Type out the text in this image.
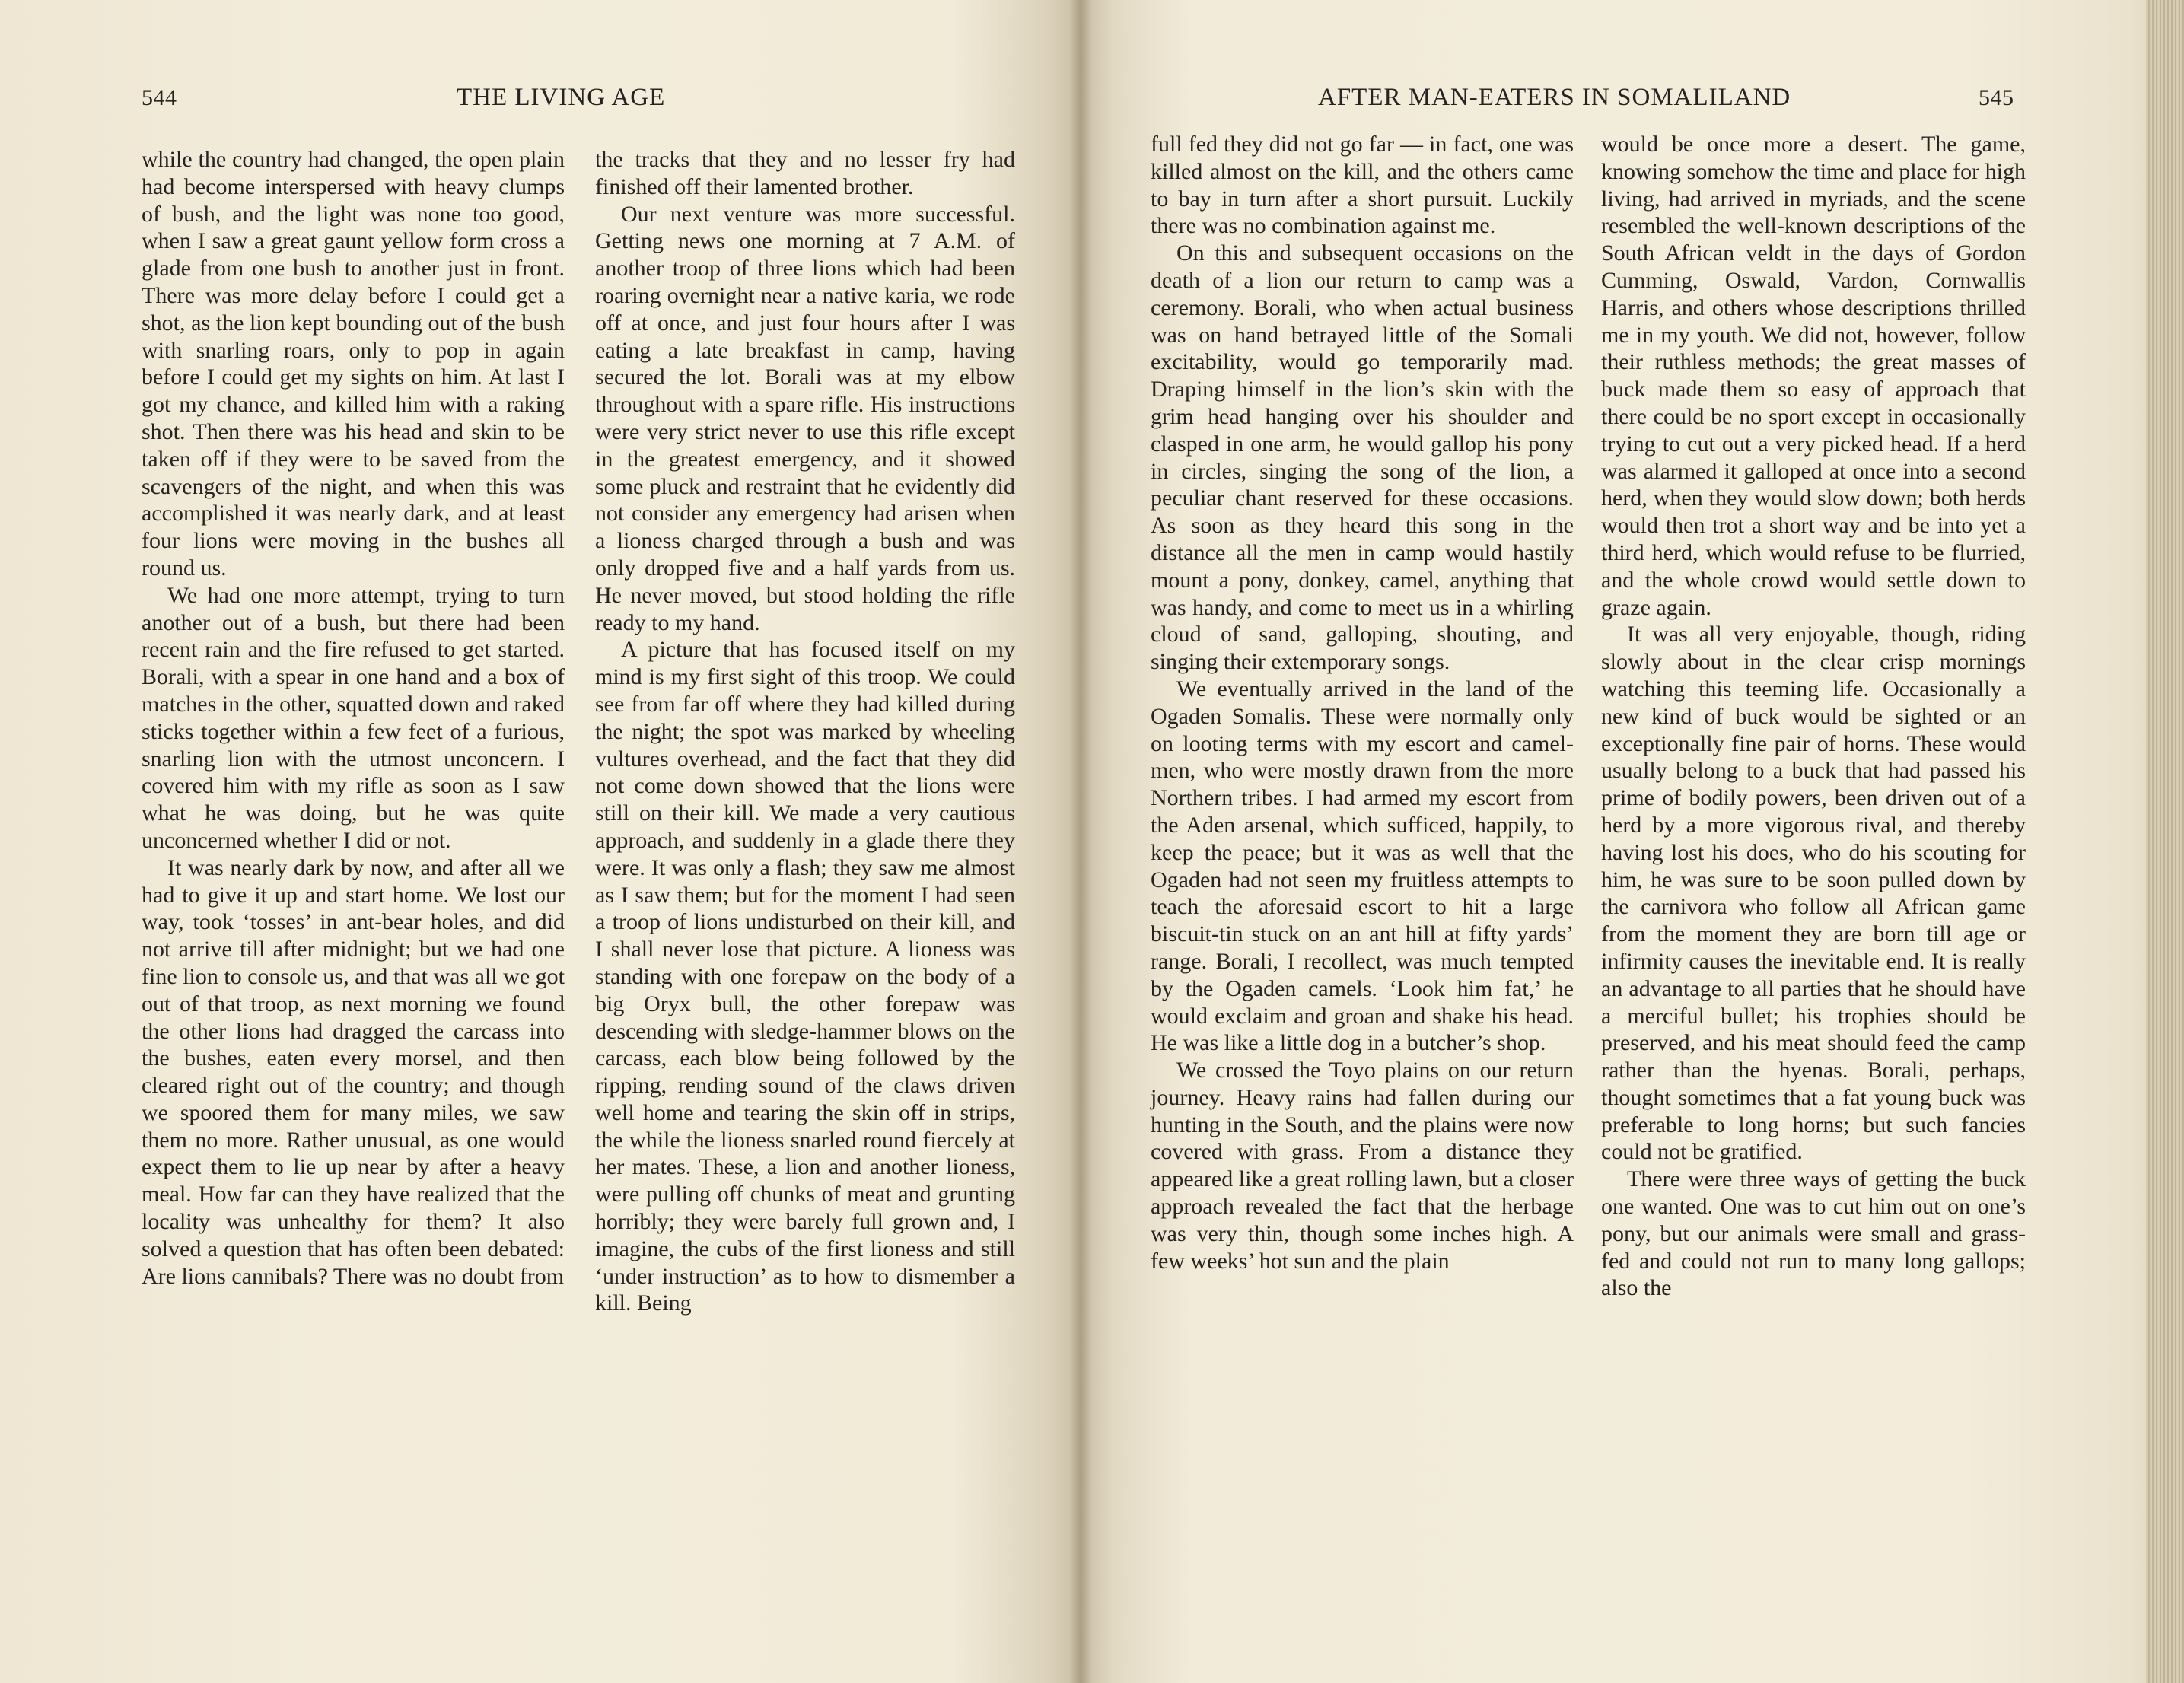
544	THE LIVING AGE

while the country had changed, the open plain had become interspersed with heavy clumps of bush, and the light was none too good, when I saw a great gaunt yellow form cross a glade from one bush to another just in front. There was more delay before I could get a shot, as the lion kept bounding out of the bush with snarling roars, only to pop in again before I could get my sights on him. At last I got my chance, and killed him with a raking shot. Then there was his head and skin to be taken off if they were to be saved from the scavengers of the night, and when this was accomplished it was nearly dark, and at least four lions were moving in the bushes all round us.

We had one more attempt, trying to turn another out of a bush, but there had been recent rain and the fire refused to get started. Borali, with a spear in one hand and a box of matches in the other, squatted down and raked sticks together within a few feet of a furious, snarling lion with the utmost unconcern. I covered him with my rifle as soon as I saw what he was doing, but he was quite unconcerned whether I did or not.

It was nearly dark by now, and after all we had to give it up and start home. We lost our way, took ‘tosses’ in ant-bear holes, and did not arrive till after midnight; but we had one fine lion to console us, and that was all we got out of that troop, as next morning we found the other lions had dragged the carcass into the bushes, eaten every morsel, and then cleared right out of the country; and though we spoored them for many miles, we saw them no more. Rather unusual, as one would expect them to lie up near by after a heavy meal. How far can they have realized that the locality was unhealthy for them? It also solved a question that has often been debated: Are lions cannibals? There was no doubt from

the tracks that they and no lesser fry had finished off their lamented brother.

Our next venture was more successful. Getting news one morning at 7 A.M. of another troop of three lions which had been roaring overnight near a native karia, we rode off at once, and just four hours after I was eating a late breakfast in camp, having secured the lot. Borali was at my elbow throughout with a spare rifle. His instructions were very strict never to use this rifle except in the greatest emergency, and it showed some pluck and restraint that he evidently did not consider any emergency had arisen when a lioness charged through a bush and was only dropped five and a half yards from us. He never moved, but stood holding the rifle ready to my hand.

A picture that has focused itself on my mind is my first sight of this troop. We could see from far off where they had killed during the night; the spot was marked by wheeling vultures overhead, and the fact that they did not come down showed that the lions were still on their kill. We made a very cautious approach, and suddenly in a glade there they were. It was only a flash; they saw me almost as I saw them; but for the moment I had seen a troop of lions undisturbed on their kill, and I shall never lose that picture. A lioness was standing with one forepaw on the body of a big Oryx bull, the other forepaw was descending with sledge-hammer blows on the carcass, each blow being followed by the ripping, rending sound of the claws driven well home and tearing the skin off in strips, the while the lioness snarled round fiercely at her mates. These, a lion and another lioness, were pulling off chunks of meat and grunting horribly; they were barely full grown and, I imagine, the cubs of the first lioness and still ‘under instruction’ as to how to dismember a kill. Being

AFTER MAN-EATERS IN SOMALILAND	545

full fed they did not go far — in fact, one was killed almost on the kill, and the others came to bay in turn after a short pursuit. Luckily there was no combination against me.

On this and subsequent occasions on the death of a lion our return to camp was a ceremony. Borali, who when actual business was on hand betrayed little of the Somali excitability, would go temporarily mad. Draping himself in the lion’s skin with the grim head hanging over his shoulder and clasped in one arm, he would gallop his pony in circles, singing the song of the lion, a peculiar chant reserved for these occasions. As soon as they heard this song in the distance all the men in camp would hastily mount a pony, donkey, camel, anything that was handy, and come to meet us in a whirling cloud of sand, galloping, shouting, and singing their extemporary songs.

We eventually arrived in the land of the Ogaden Somalis. These were normally only on looting terms with my escort and camel-men, who were mostly drawn from the more Northern tribes. I had armed my escort from the Aden arsenal, which sufficed, happily, to keep the peace; but it was as well that the Ogaden had not seen my fruitless attempts to teach the aforesaid escort to hit a large biscuit-tin stuck on an ant hill at fifty yards’ range. Borali, I recollect, was much tempted by the Ogaden camels. ‘Look him fat,’ he would exclaim and groan and shake his head. He was like a little dog in a butcher’s shop.

We crossed the Toyo plains on our return journey. Heavy rains had fallen during our hunting in the South, and the plains were now covered with grass. From a distance they appeared like a great rolling lawn, but a closer approach revealed the fact that the herbage was very thin, though some inches high. A few weeks’ hot sun and the plain

would be once more a desert. The game, knowing somehow the time and place for high living, had arrived in myriads, and the scene resembled the well-known descriptions of the South African veldt in the days of Gordon Cumming, Oswald, Vardon, Cornwallis Harris, and others whose descriptions thrilled me in my youth. We did not, however, follow their ruthless methods; the great masses of buck made them so easy of approach that there could be no sport except in occasionally trying to cut out a very picked head. If a herd was alarmed it galloped at once into a second herd, when they would slow down; both herds would then trot a short way and be into yet a third herd, which would refuse to be flurried, and the whole crowd would settle down to graze again.

It was all very enjoyable, though, riding slowly about in the clear crisp mornings watching this teeming life. Occasionally a new kind of buck would be sighted or an exceptionally fine pair of horns. These would usually belong to a buck that had passed his prime of bodily powers, been driven out of a herd by a more vigorous rival, and thereby having lost his does, who do his scouting for him, he was sure to be soon pulled down by the carnivora who follow all African game from the moment they are born till age or infirmity causes the inevitable end. It is really an advantage to all parties that he should have a merciful bullet; his trophies should be preserved, and his meat should feed the camp rather than the hyenas. Borali, perhaps, thought sometimes that a fat young buck was preferable to long horns; but such fancies could not be gratified.

There were three ways of getting the buck one wanted. One was to cut him out on one’s pony, but our animals were small and grass-fed and could not run to many long gallops; also the
